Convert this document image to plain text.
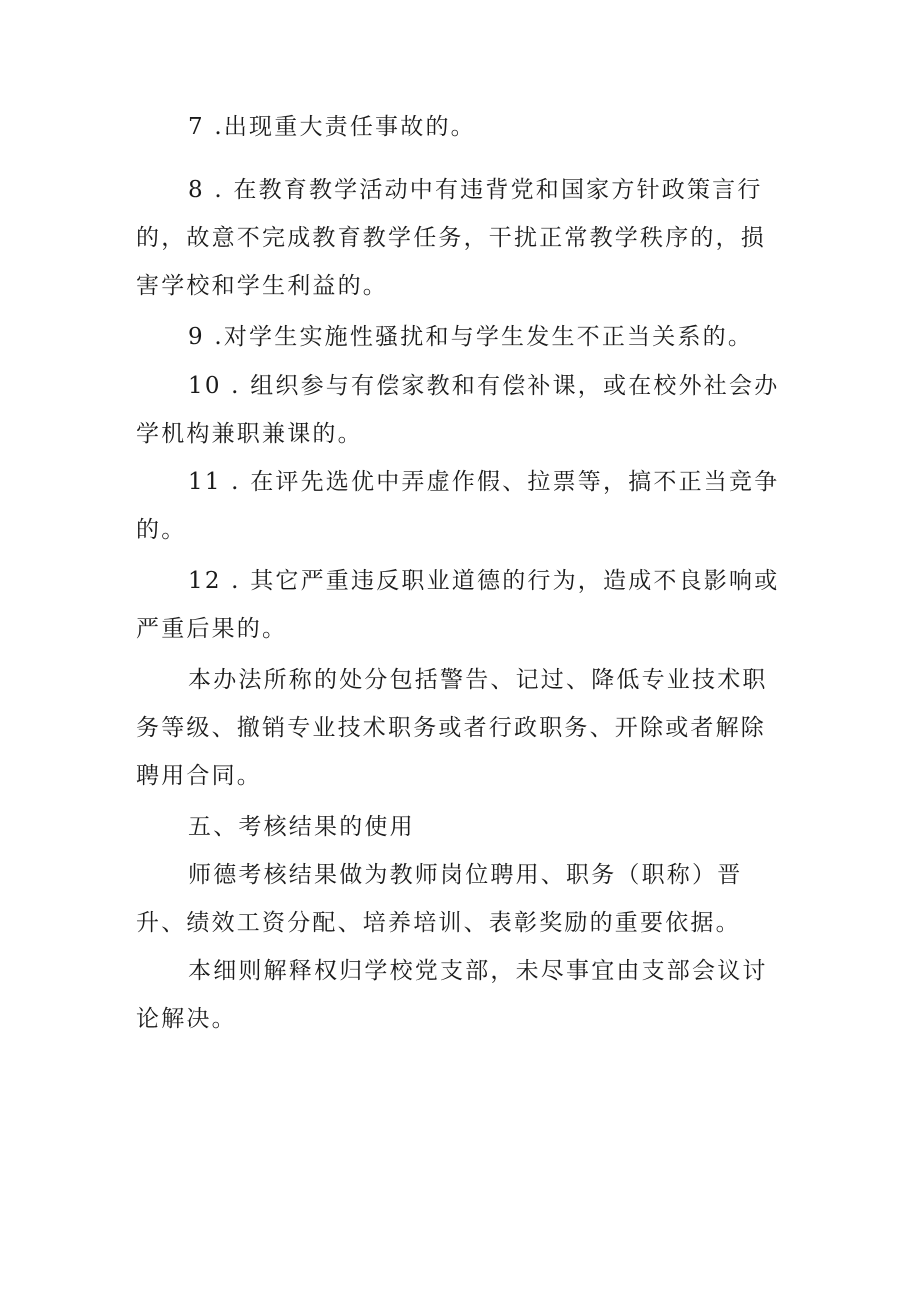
7 .出现重大责任事故的。

8 . 在教育教学活动中有违背党和国家方针政策言行的，故意不完成教育教学任务，干扰正常教学秩序的，损害学校和学生利益的。

9 .对学生实施性骚扰和与学生发生不正当关系的。

10 . 组织参与有偿家教和有偿补课，或在校外社会办学机构兼职兼课的。

11 . 在评先选优中弄虚作假、拉票等，搞不正当竞争的。

12 . 其它严重违反职业道德的行为，造成不良影响或严重后果的。

本办法所称的处分包括警告、记过、降低专业技术职务等级、撤销专业技术职务或者行政职务、开除或者解除聘用合同。

五、考核结果的使用

师德考核结果做为教师岗位聘用、职务（职称）晋升、绩效工资分配、培养培训、表彰奖励的重要依据。

本细则解释权归学校党支部，未尽事宜由支部会议讨论解决。
